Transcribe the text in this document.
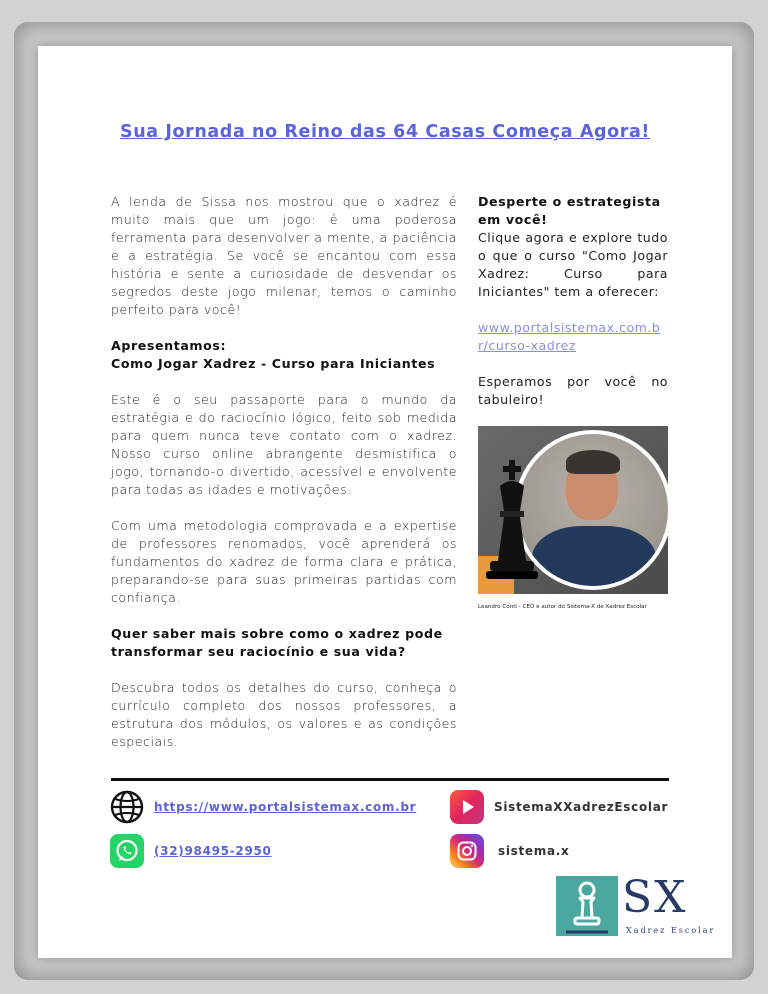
Sua Jornada no Reino das 64 Casas Começa Agora!

A lenda de Sissa nos mostrou que o xadrez é muito mais que um jogo: é uma poderosa ferramenta para desenvolver a mente, a paciência e a estratégia. Se você se encantou com essa história e sente a curiosidade de desvendar os segredos deste jogo milenar, temos o caminho perfeito para você!

Apresentamos:
Como Jogar Xadrez - Curso para Iniciantes

Este é o seu passaporte para o mundo da estratégia e do raciocínio lógico, feito sob medida para quem nunca teve contato com o xadrez. Nosso curso online abrangente desmistifica o jogo, tornando-o divertido, acessível e envolvente para todas as idades e motivações.

Com uma metodologia comprovada e a expertise de professores renomados, você aprenderá os fundamentos do xadrez de forma clara e prática, preparando-se para suas primeiras partidas com confiança.

Quer saber mais sobre como o xadrez pode transformar seu raciocínio e sua vida?

Descubra todos os detalhes do curso, conheça o currículo completo dos nossos professores, a estrutura dos módulos, os valores e as condições especiais.

Desperte o estrategista em você!

Clique agora e explore tudo o que o curso "Como Jogar Xadrez: Curso para Iniciantes" tem a oferecer:

www.portalsistemax.com.br/curso-xadrez

Esperamos por você no tabuleiro!

Leandro Conti - CEO e autor do Sistema-X de Xadrez Escolar
https://www.portalsistemax.com.br
(32)98495-2950
SistemaXXadrezEscolar
sistema.x
SX
Xadrez Escolar
